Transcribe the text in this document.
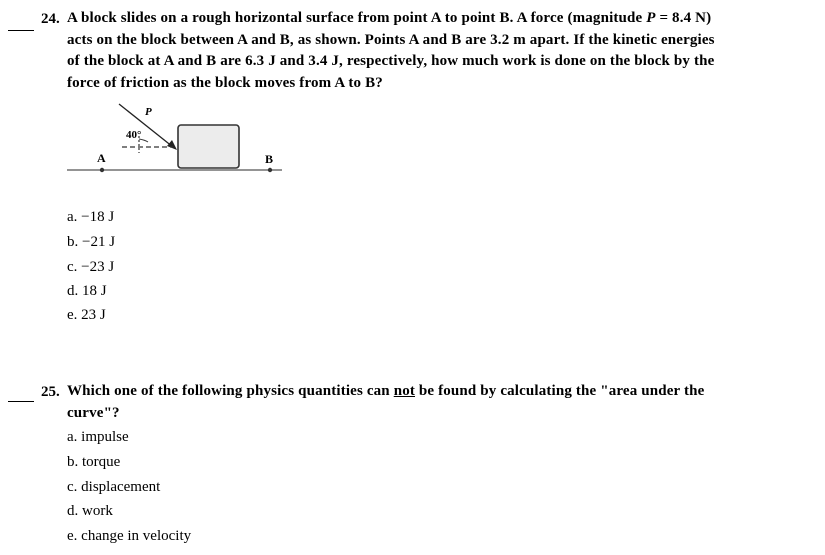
24. A block slides on a rough horizontal surface from point A to point B. A force (magnitude P = 8.4 N)
acts on the block between A and B, as shown. Points A and B are 3.2 m apart. If the kinetic energies
of the block at A and B are 6.3 J and 3.4 J, respectively, how much work is done on the block by the
force of friction as the block moves from A to B?
A	B
P
40°
a. −18 J
b. −21 J
c. −23 J
d. 18 J
e. 23 J
25. Which one of the following physics quantities can not be found by calculating the "area under the
curve"?
a. impulse
b. torque
c. displacement
d. work
e. change in velocity
